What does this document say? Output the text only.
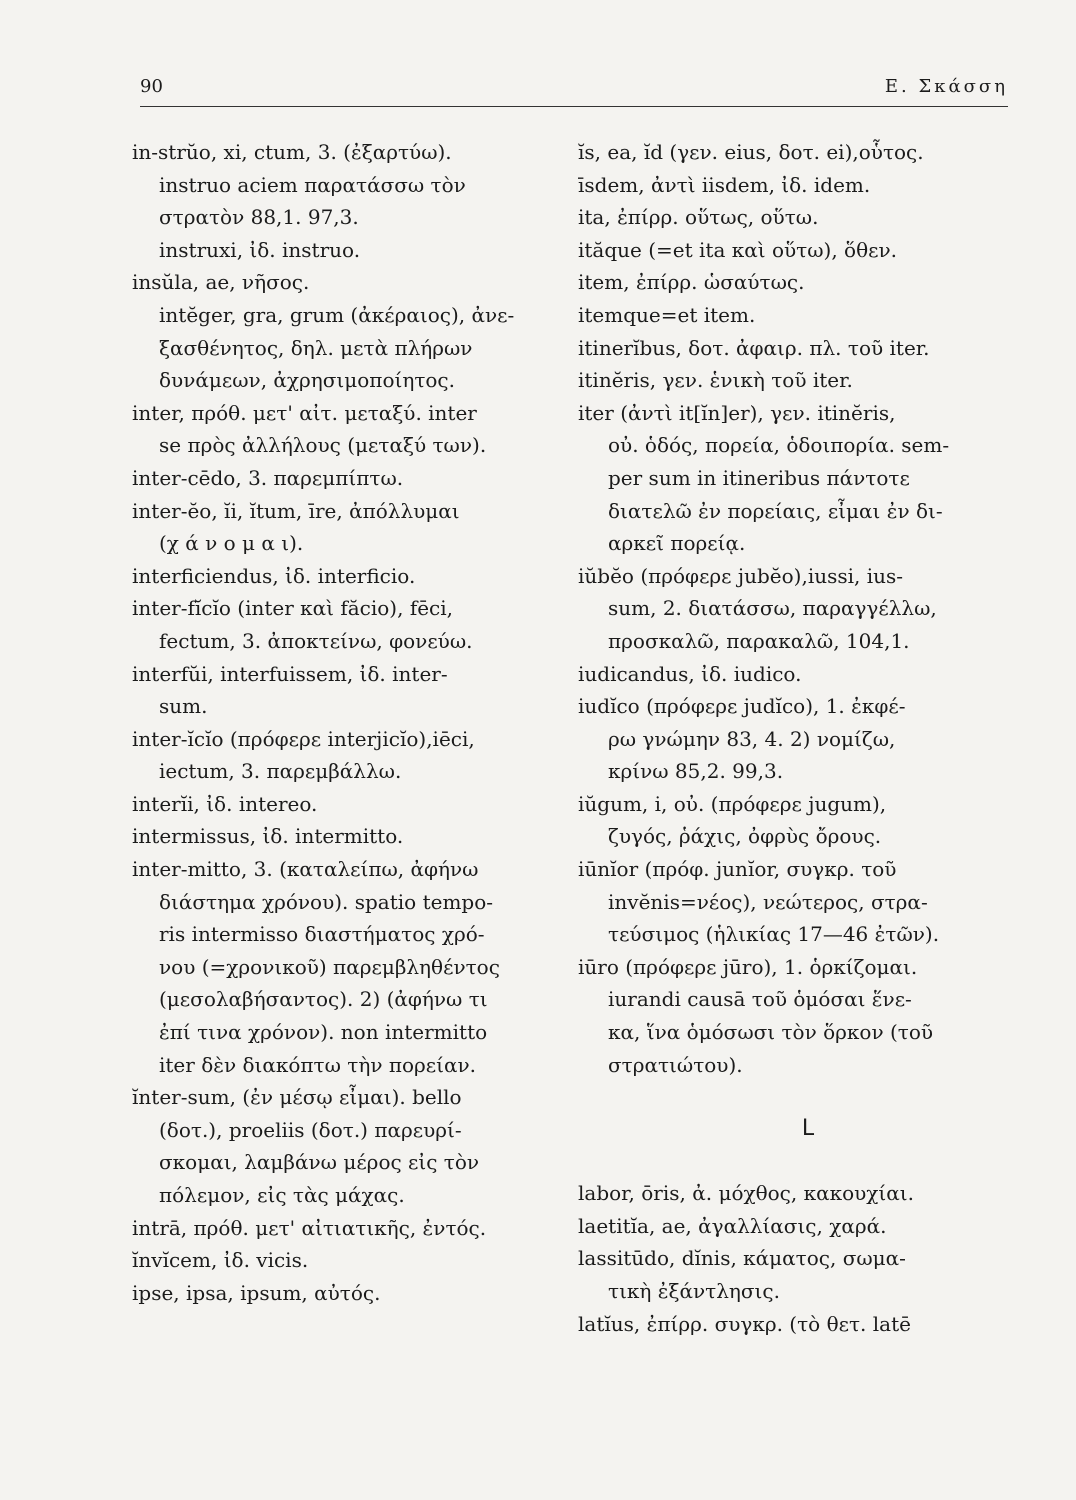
90	Ε. Σκάσση
in-strŭo, xi, ctum, 3. (ἐξαρτύω).
instruo aciem παρατάσσω τὸν
στρατὸν 88,1. 97,3.
instruxi, ἰδ. instruo.
insŭla, ae, νῆσος.
intĕger, gra, grum (ἀκέραιος), ἀνε-
ξασθένητος, δηλ. μετὰ πλήρων
δυνάμεων, ἀχρησιμοποίητος.
inter, πρόθ. μετ' αἰτ. μεταξύ. inter
se πρὸς ἀλλήλους (μεταξύ των).
inter-cēdo, 3. παρεμπίπτω.
inter-ĕo, ĭi, ĭtum, īre, ἀπόλλυμαι
(χ ά ν ο μ α ι).
interficiendus, ἰδ. interficio.
inter-fĭcĭo (inter καὶ făcio), fēci,
fectum, 3. ἀποκτείνω, φονεύω.
interfŭi, interfuissem, ἰδ. inter-
sum.
inter-ĭcĭo (πρόφερε interjicĭo),iēci,
iectum, 3. παρεμβάλλω.
interĭi, ἰδ. intereo.
intermissus, ἰδ. intermitto.
inter-mitto, 3. (καταλείπω, ἀφήνω
διάστημα χρόνου). spatio tempo-
ris intermisso διαστήματος χρό-
νου (=χρονικοῦ) παρεμβληθέντος
(μεσολαβήσαντος). 2) (ἀφήνω τι
ἐπί τινα χρόνον). non intermitto
iter δὲν διακόπτω τὴν πορείαν.
ĭnter-sum, (ἐν μέσῳ εἶμαι). bello
(δοτ.), proeliis (δοτ.) παρευρί-
σκομαι, λαμβάνω μέρος εἰς τὸν
πόλεμον, εἰς τὰς μάχας.
intrā, πρόθ. μετ' αἰτιατικῆς, ἐντός.
ĭnvĭcem, ἰδ. vicis.
ipse, ipsa, ipsum, αὐτός.
ĭs, ea, ĭd (γεν. eius, δοτ. ei),οὗτος.
īsdem, ἀντὶ iisdem, ἰδ. idem.
ita, ἐπίρρ. οὕτως, οὕτω.
ităque (=et ita καὶ οὕτω), ὅθεν.
item, ἐπίρρ. ὡσαύτως.
itemque=et item.
itinerĭbus, δοτ. ἀφαιρ. πλ. τοῦ iter.
itinĕris, γεν. ἑνικὴ τοῦ iter.
iter (ἀντὶ it[ĭn]er), γεν. itinĕris,
οὐ. ὁδός, πορεία, ὁδοιπορία. sem-
per sum in itineribus πάντοτε
διατελῶ ἐν πορείαις, εἶμαι ἐν δι-
αρκεῖ πορείᾳ.
iŭbĕo (πρόφερε jubĕo),iussi, ius-
sum, 2. διατάσσω, παραγγέλλω,
προσκαλῶ, παρακαλῶ, 104,1.
iudicandus, ἰδ. iudico.
iudĭco (πρόφερε judĭco), 1. ἐκφέ-
ρω γνώμην 83, 4. 2) νομίζω,
κρίνω 85,2. 99,3.
iŭgum, i, οὐ. (πρόφερε jugum),
ζυγός, ῥάχις, ὀφρὺς ὄρους.
iūnĭor (πρόφ. junĭor, συγκρ. τοῦ
invĕnis=νέος), νεώτερος, στρα-
τεύσιμος (ἡλικίας 17—46 ἐτῶν).
iūro (πρόφερε jūro), 1. ὁρκίζομαι.
iurandi causā τοῦ ὁμόσαι ἕνε-
κα, ἵνα ὁμόσωσι τὸν ὅρκον (τοῦ
στρατιώτου).
L
labor, ōris, ἀ. μόχθος, κακουχίαι.
laetitĭa, ae, ἀγαλλίασις, χαρά.
lassitūdo, dĭnis, κάματος, σωμα-
τικὴ ἐξάντλησις.
latĭus, ἐπίρρ. συγκρ. (τὸ θετ. latē
